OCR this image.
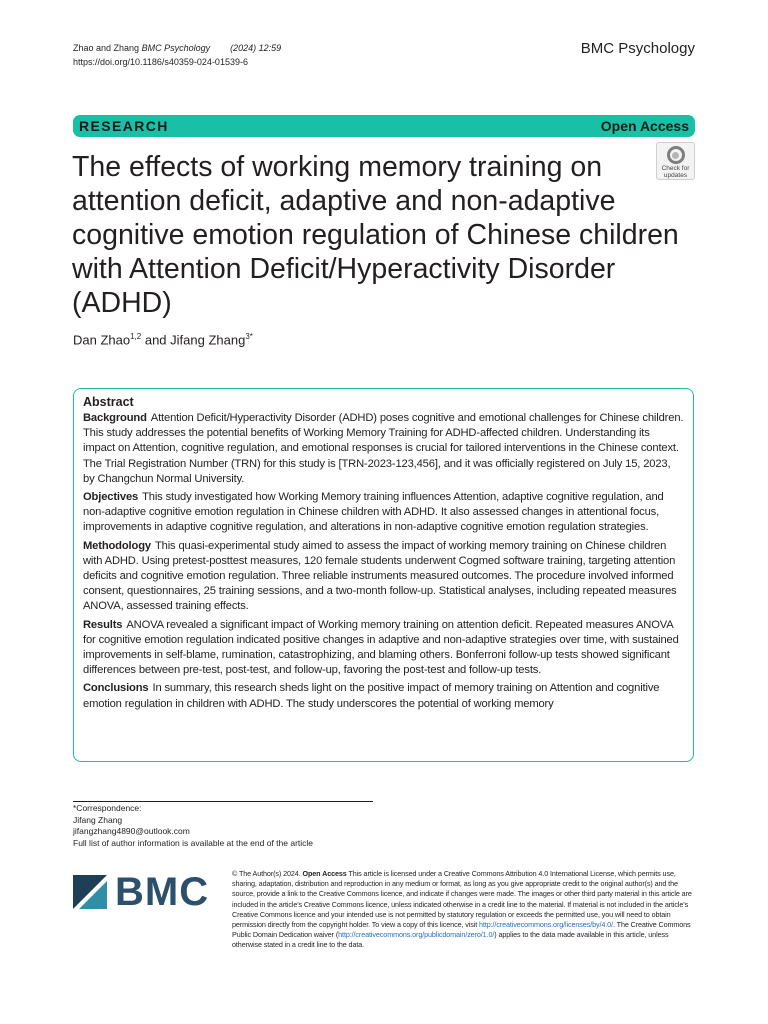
Zhao and Zhang BMC Psychology (2024) 12:59
https://doi.org/10.1186/s40359-024-01539-6
BMC Psychology
RESEARCH	Open Access
Check for updates
The effects of working memory training on attention deficit, adaptive and non-adaptive cognitive emotion regulation of Chinese children with Attention Deficit/Hyperactivity Disorder (ADHD)
Dan Zhao$^{1,2}$ and Jifang Zhang$^{3*}$
Abstract

Background Attention Deficit/Hyperactivity Disorder (ADHD) poses cognitive and emotional challenges for Chinese children. This study addresses the potential benefits of Working Memory Training for ADHD-affected children. Understanding its impact on Attention, cognitive regulation, and emotional responses is crucial for tailored interventions in the Chinese context. The Trial Registration Number (TRN) for this study is [TRN-2023-123,456], and it was officially registered on July 15, 2023, by Changchun Normal University.

Objectives This study investigated how Working Memory training influences Attention, adaptive cognitive regulation, and non-adaptive cognitive emotion regulation in Chinese children with ADHD. It also assessed changes in attentional focus, improvements in adaptive cognitive regulation, and alterations in non-adaptive cognitive emotion regulation strategies.

Methodology This quasi-experimental study aimed to assess the impact of working memory training on Chinese children with ADHD. Using pretest-posttest measures, 120 female students underwent Cogmed software training, targeting attention deficits and cognitive emotion regulation. Three reliable instruments measured outcomes. The procedure involved informed consent, questionnaires, 25 training sessions, and a two-month follow-up. Statistical analyses, including repeated measures ANOVA, assessed training effects.

Results ANOVA revealed a significant impact of Working memory training on attention deficit. Repeated measures ANOVA for cognitive emotion regulation indicated positive changes in adaptive and non-adaptive strategies over time, with sustained improvements in self-blame, rumination, catastrophizing, and blaming others. Bonferroni follow-up tests showed significant differences between pre-test, post-test, and follow-up, favoring the post-test and follow-up tests.

Conclusions In summary, this research sheds light on the positive impact of memory training on Attention and cognitive emotion regulation in children with ADHD. The study underscores the potential of working memory

*Correspondence:
Jifang Zhang
jifangzhang4890@outlook.com
Full list of author information is available at the end of the article
BMC	© The Author(s) 2024. Open Access This article is licensed under a Creative Commons Attribution 4.0 International License, which permits use, sharing, adaptation, distribution and reproduction in any medium or format, as long as you give appropriate credit to the original author(s) and the source, provide a link to the Creative Commons licence, and indicate if changes were made. The images or other third party material in this article are included in the article's Creative Commons licence, unless indicated otherwise in a credit line to the material. If material is not included in the article's Creative Commons licence and your intended use is not permitted by statutory regulation or exceeds the permitted use, you will need to obtain permission directly from the copyright holder. To view a copy of this licence, visit http://creativecommons.org/licenses/by/4.0/. The Creative Commons Public Domain Dedication waiver (http://creativecommons.org/publicdomain/zero/1.0/) applies to the data made available in this article, unless otherwise stated in a credit line to the data.
